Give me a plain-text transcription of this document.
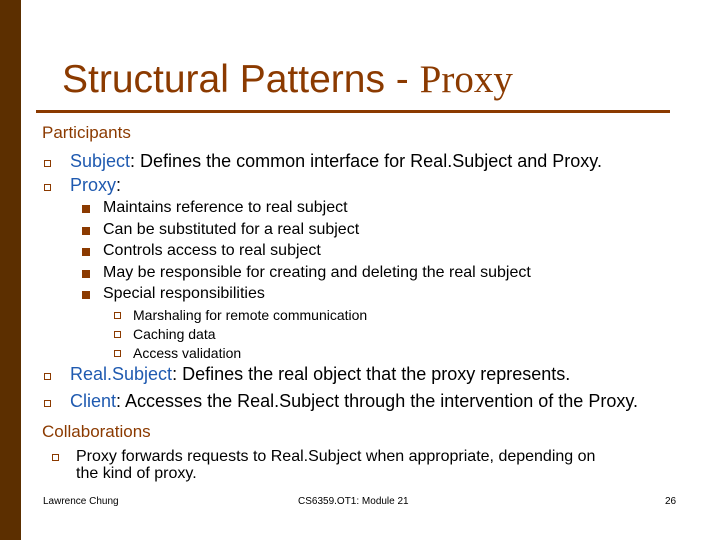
Structural Patterns - Proxy
Participants
Subject: Defines the common interface for Real.Subject and Proxy.
Proxy:
Maintains reference to real subject
Can be substituted for a real subject
Controls access to real subject
May be responsible for creating and deleting the real subject
Special responsibilities
Marshaling for remote communication
Caching data
Access validation
Real.Subject: Defines the real object that the proxy represents.
Client: Accesses the Real.Subject through the intervention of the Proxy.
Collaborations
Proxy forwards requests to Real.Subject when appropriate, depending on
the kind of proxy.
Lawrence Chung	CS6359.OT1: Module 21	26
